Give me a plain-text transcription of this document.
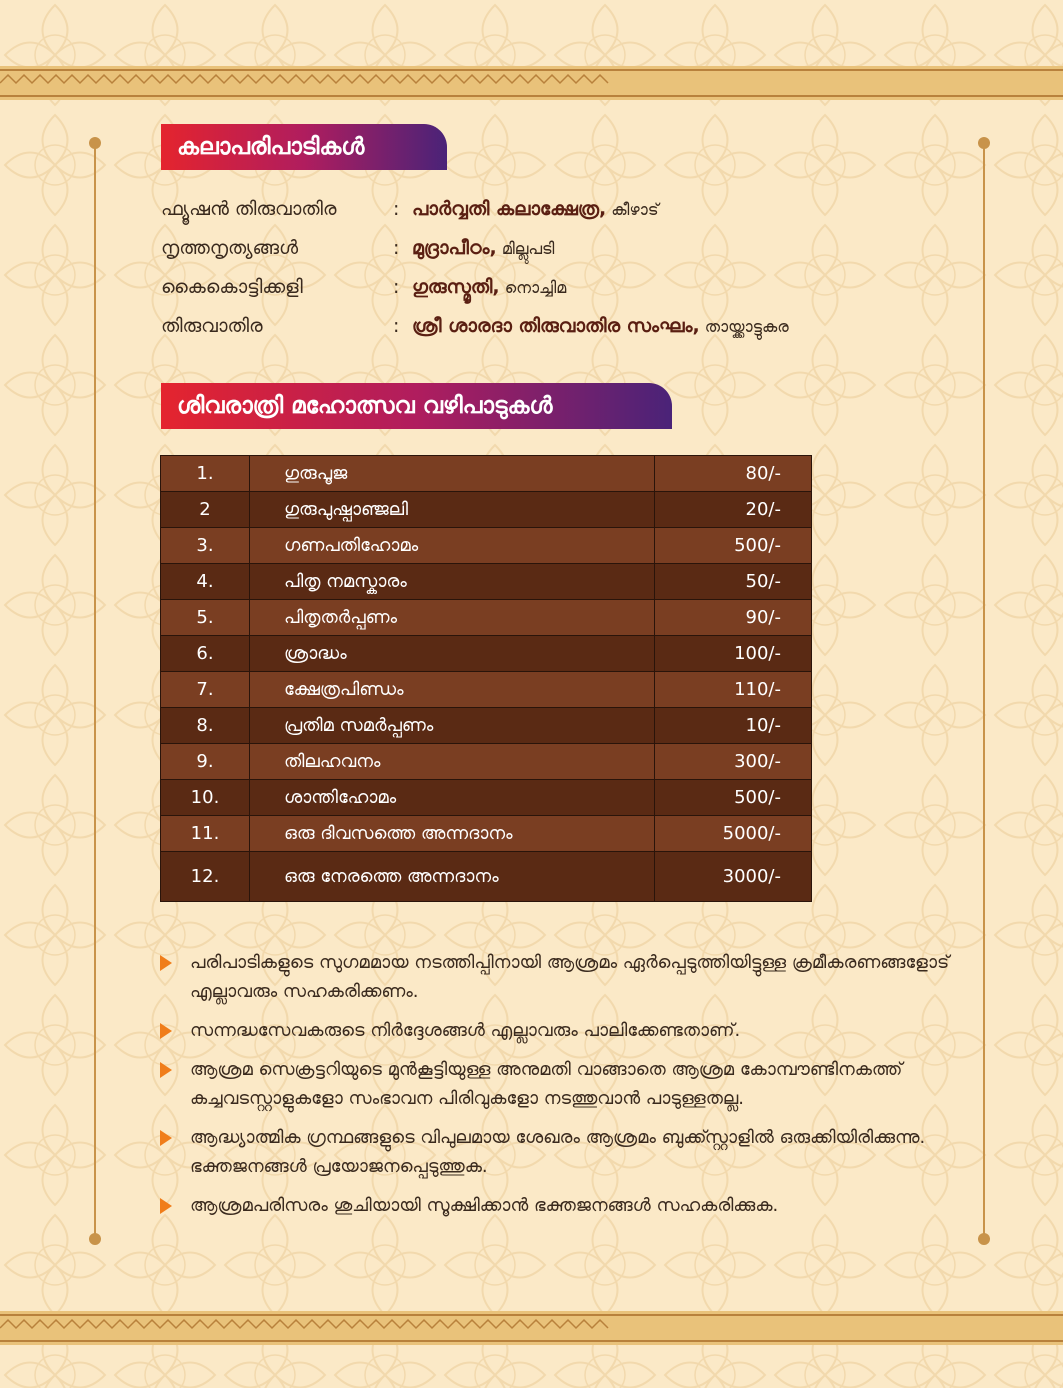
കലാപരിപാടികൾ
ഫ്യൂഷൻ തിരുവാതിര	: പാർവ്വതി കലാക്ഷേത്ര, കീഴാട്
നൃത്തനൃത്യങ്ങൾ	: മുദ്രാപീഠം, മില്ലുപടി
കൈകൊട്ടിക്കളി	: ഗുരുസ്മൃതി, നൊച്ചിമ
തിരുവാതിര	: ശ്രീ ശാരദാ തിരുവാതിര സംഘം, തായ്ക്കാട്ടുകര
ശിവരാത്രി മഹോത്സവ വഴിപാടുകൾ
1.	ഗുരുപൂജ	80/-
2	ഗുരുപുഷ്പാഞ്ജലി	20/-
3.	ഗണപതിഹോമം	500/-
4.	പിതൃ നമസ്കാരം	50/-
5.	പിതൃതർപ്പണം	90/-
6.	ശ്രാദ്ധം	100/-
7.	ക്ഷേത്രപിണ്ഡം	110/-
8.	പ്രതിമ സമർപ്പണം	10/-
9.	തിലഹവനം	300/-
10.	ശാന്തിഹോമം	500/-
11.	ഒരു ദിവസത്തെ അന്നദാനം	5000/-
12.	ഒരു നേരത്തെ അന്നദാനം	3000/-
പരിപാടികളുടെ സുഗമമായ നടത്തിപ്പിനായി ആശ്രമം ഏർപ്പെടുത്തിയിട്ടുള്ള ക്രമീകരണങ്ങളോട് എല്ലാവരും സഹകരിക്കണം.
സന്നദ്ധസേവകരുടെ നിർദ്ദേശങ്ങൾ എല്ലാവരും പാലിക്കേണ്ടതാണ്.
ആശ്രമ സെക്രട്ടറിയുടെ മുൻകൂട്ടിയുള്ള അനുമതി വാങ്ങാതെ ആശ്രമ കോമ്പൗണ്ടിനകത്ത് കച്ചവടസ്റ്റാളുകളോ സംഭാവന പിരിവുകളോ നടത്തുവാൻ പാടുള്ളതല്ല.
ആദ്ധ്യാത്മിക ഗ്രന്ഥങ്ങളുടെ വിപുലമായ ശേഖരം ആശ്രമം ബുക്ക്സ്റ്റാളിൽ ഒരുക്കിയിരിക്കുന്നു. ഭക്തജനങ്ങൾ പ്രയോജനപ്പെടുത്തുക.
ആശ്രമപരിസരം ശുചിയായി സൂക്ഷിക്കാൻ ഭക്തജനങ്ങൾ സഹകരിക്കുക.
